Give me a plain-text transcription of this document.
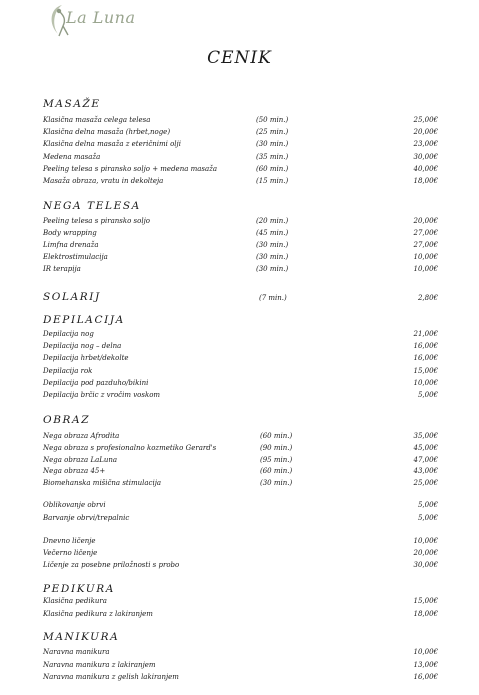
La Luna
CENIK
MASAŽE
NEGA TELESA
SOLARIJ	(7 min.)	2,80€
DEPILACIJA
OBRAZ
PEDIKURA
MANIKURA
Klasična masaža celega telesa	(50 min.)	25,00€
Klasična delna masaža (hrbet,noge)	(25 min.)	20,00€
Klasična delna masaža z eteričnimi olji	(30 min.)	23,00€
Medena masaža	(35 min.)	30,00€
Peeling telesa s piransko soljo + medena masaža	(60 min.)	40,00€
Masaža obraza, vratu in dekolteja	(15 min.)	18,00€
Peeling telesa s piransko soljo	(20 min.)	20,00€
Body wrapping	(45 min.)	27,00€
Limfna drenaža	(30 min.)	27,00€
Elektrostimulacija	(30 min.)	10,00€
IR terapija	(30 min.)	10,00€
Depilacija nog	21,00€
Depilacija nog – delna	16,00€
Depilacija hrbet/dekolte	16,00€
Depilacija rok	15,00€
Depilacija pod pazduho/bikini	10,00€
Depilacija brčic z vročim voskom	5,00€
Nega obraza Afrodita	(60 min.)	35,00€
Nega obraza s profesionalno kozmetiko Gerard's	(90 min.)	45,00€
Nega obraza LaLuna	(95 min.)	47,00€
Nega obraza 45+	(60 min.)	43,00€
Biomehanska mišična stimulacija	(30 min.)	25,00€
Oblikovanje obrvi	5,00€
Barvanje obrvi/trepalnic	5,00€
Dnevno ličenje	10,00€
Večerno ličenje	20,00€
Ličenje za posebne priložnosti s probo	30,00€
Klasična pedikura	15,00€
Klasična pedikura z lakiranjem	18,00€
Naravna manikura	10,00€
Naravna manikura z lakiranjem	13,00€
Naravna manikura z gelish lakiranjem	16,00€
